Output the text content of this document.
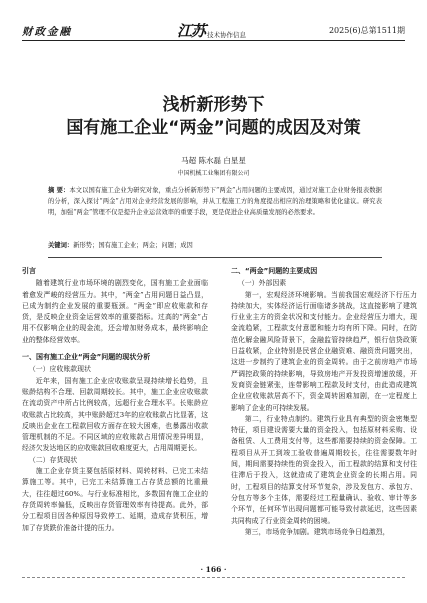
财政金融	江苏 技术协作信息	2025(6)总第1511期
浅析新形势下
国有施工企业“两金”问题的成因及对策
马超 陈水磊 白星星
中国机械工业集团有限公司
摘 要：本文以国有施工企业为研究对象，重点分析新形势下“两金”占用问题的主要成因，通过对施工企业财务报表数据的分析，深入探讨“两金”占用对企业经营发展的影响，并从工程施工方的角度提出相应的治理策略和优化建议。研究表明，加强“两金”管理不仅是提升企业运营效率的重要手段，更是促进企业高质量发展的必然要求。
关键词：新形势；国有施工企业；两金；问题；成因
引言

随着建筑行业市场环境的剧烈变化，国有施工企业面临着愈发严峻的经营压力。其中，“两金”占用问题日益凸显，已成为制约企业发展的重要瓶颈。“两金”即应收账款和存货，是反映企业资金运营效率的重要指标。过高的“两金”占用不仅影响企业的现金流，还会增加财务成本，最终影响企业的整体经营效率。

一、国有施工企业“两金”问题的现状分析
（一）应收账款现状

近年来，国有施工企业应收账款呈现持续增长趋势，且账龄结构不合理、回款周期较长。其中，施工企业应收账款在流动资产中所占比例较高，远超行业合理水平。长账龄应收账款占比较高，其中账龄超过3年的应收账款占比显著，这反映出企业在工程款回收方面存在较大困难，也暴露出收款管理机制的不足。不同区域的应收账款占用情况差异明显，经济欠发达地区的应收账款回收难度更大，占用周期更长。

（二）存货现状

施工企业存货主要包括原材料、周转材料、已完工未结算施工等。其中，已完工未结算施工占存货总额的比重最大，往往超过60%。与行业标准相比，多数国有施工企业的存货周转率偏低，反映出存货管理效率有待提高。此外，部分工程项目因各种原因导致停工、延期，造成存货积压，增加了存货跌价准备计提的压力。

二、“两金”问题的主要成因
（一）外部因素

第一，宏观经济环境影响。当前我国宏观经济下行压力持续加大，实体经济运行面临诸多挑战，这直接影响了建筑行业业主方的资金状况和支付能力。企业经营压力增大，现金流趋紧，工程款支付意愿和能力均有所下降。同时，在防范化解金融风险背景下，金融监管持续趋严，银行信贷政策日益收紧，企业特别是民营企业融资难、融资贵问题突出，这进一步制约了建筑企业的资金周转。由于之前房地产市场严调控政策的持续影响，导致房地产开发投资增速放缓，开发商资金链紧张，连带影响工程款及时支付，由此造成建筑企业应收账款居高不下，资金周转困难加剧，在一定程度上影响了企业的可持续发展。

第二，行业特点制约。建筑行业具有典型的资金密集型特征，项目建设需要大量的资金投入，包括原材料采购、设备租赁、人工费用支付等，这些都需要持续的资金保障。工程项目从开工到竣工验收普遍周期较长，往往需要数年时间，期间需要持续性的资金投入，而工程款的结算和支付往往滞后于投入，这就造成了建筑企业资金的长期占用。同时，工程项目的结算支付环节复杂，涉及发包方、承包方、分包方等多个主体，需要经过工程量确认、验收、审计等多个环节，任何环节出现问题都可能导致付款延迟，这些因素共同构成了行业资金周转的困境。

第三，市场竞争加剧。建筑市场竞争日趋激烈，

· 166 ·
